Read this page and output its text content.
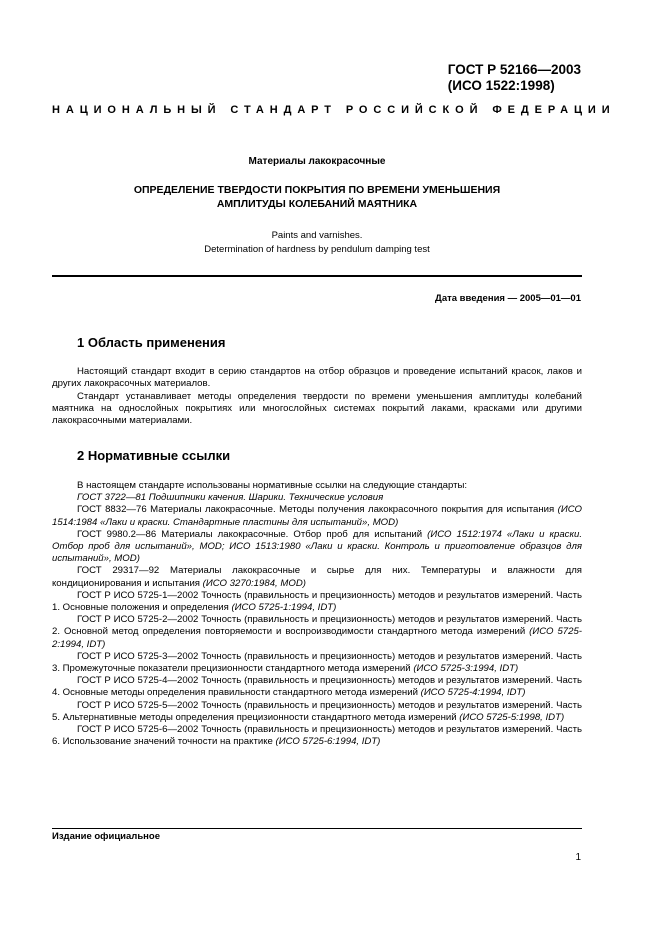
ГОСТ Р 52166—2003
(ИСО 1522:1998)
НАЦИОНАЛЬНЫЙ СТАНДАРТ РОССИЙСКОЙ ФЕДЕРАЦИИ
Материалы лакокрасочные
ОПРЕДЕЛЕНИЕ ТВЕРДОСТИ ПОКРЫТИЯ ПО ВРЕМЕНИ УМЕНЬШЕНИЯ
АМПЛИТУДЫ КОЛЕБАНИЙ МАЯТНИКА
Paints and varnishes.
Determination of hardness by pendulum damping test
Дата введения — 2005—01—01
1 Область применения
Настоящий стандарт входит в серию стандартов на отбор образцов и проведение испытаний красок, лаков и других лакокрасочных материалов.
Стандарт устанавливает методы определения твердости по времени уменьшения амплитуды колебаний маятника на однослойных покрытиях или многослойных системах покрытий лаками, красками или другими лакокрасочными материалами.
2 Нормативные ссылки
В настоящем стандарте использованы нормативные ссылки на следующие стандарты:
ГОСТ 3722—81 Подшипники качения. Шарики. Технические условия
ГОСТ 8832—76 Материалы лакокрасочные. Методы получения лакокрасочного покрытия для испытания (ИСО 1514:1984 «Лаки и краски. Стандартные пластины для испытаний», MOD)
ГОСТ 9980.2—86 Материалы лакокрасочные. Отбор проб для испытаний (ИСО 1512:1974 «Лаки и краски. Отбор проб для испытаний», MOD; ИСО 1513:1980 «Лаки и краски. Контроль и приготовление образцов для испытаний», MOD)
ГОСТ 29317—92 Материалы лакокрасочные и сырье для них. Температуры и влажности для кондиционирования и испытания (ИСО 3270:1984, MOD)
ГОСТ Р ИСО 5725-1—2002 Точность (правильность и прецизионность) методов и результатов измерений. Часть 1. Основные положения и определения (ИСО 5725-1:1994, IDT)
ГОСТ Р ИСО 5725-2—2002 Точность (правильность и прецизионность) методов и результатов измерений. Часть 2. Основной метод определения повторяемости и воспроизводимости стандартного метода измерений (ИСО 5725-2:1994, IDT)
ГОСТ Р ИСО 5725-3—2002 Точность (правильность и прецизионность) методов и результатов измерений. Часть 3. Промежуточные показатели прецизионности стандартного метода измерений (ИСО 5725-3:1994, IDT)
ГОСТ Р ИСО 5725-4—2002 Точность (правильность и прецизионность) методов и результатов измерений. Часть 4. Основные методы определения правильности стандартного метода измерений (ИСО 5725-4:1994, IDT)
ГОСТ Р ИСО 5725-5—2002 Точность (правильность и прецизионность) методов и результатов измерений. Часть 5. Альтернативные методы определения прецизионности стандартного метода измерений (ИСО 5725-5:1998, IDT)
ГОСТ Р ИСО 5725-6—2002 Точность (правильность и прецизионность) методов и результатов измерений. Часть 6. Использование значений точности на практике (ИСО 5725-6:1994, IDT)
Издание официальное
1
